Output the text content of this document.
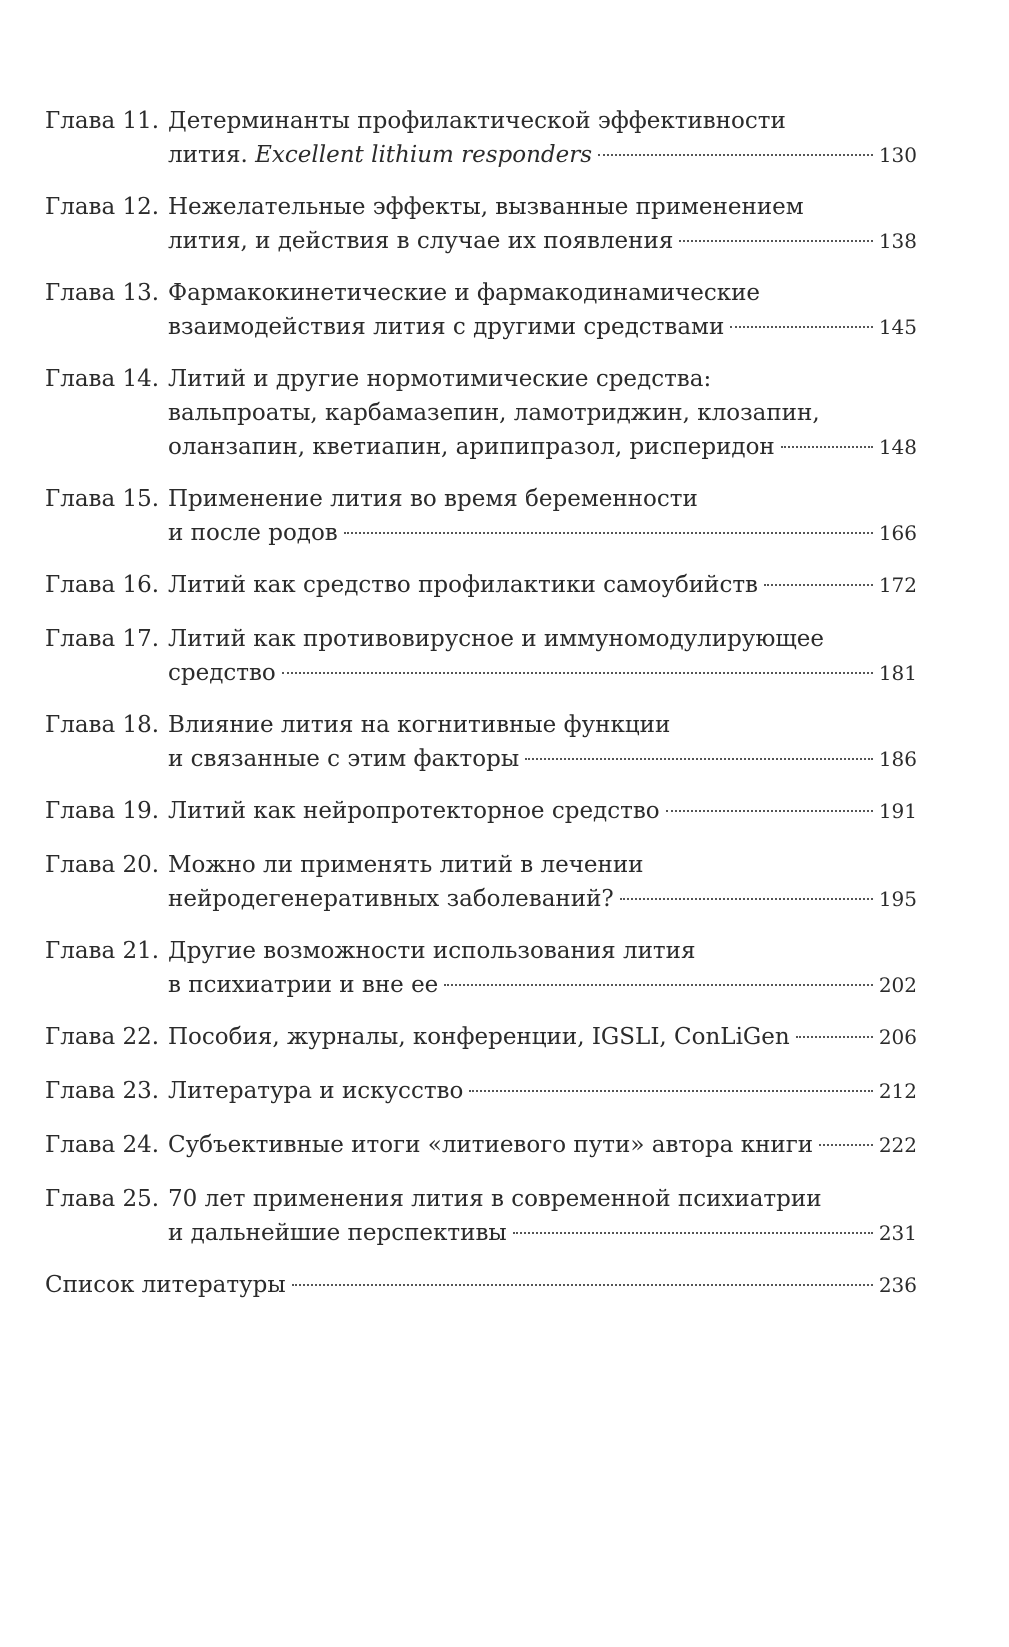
Глава 11. Детерминанты профилактической эффективности
лития. Excellent lithium responders	130
Глава 12. Нежелательные эффекты, вызванные применением
лития, и действия в случае их появления	138
Глава 13. Фармакокинетические и фармакодинамические
взаимодействия лития с другими средствами	145
Глава 14. Литий и другие нормотимические средства:
вальпроаты, карбамазепин, ламотриджин, клозапин,
оланзапин, кветиапин, арипипразол, рисперидон	148
Глава 15. Применение лития во время беременности
и после родов	166
Глава 16. Литий как средство профилактики самоубийств	172
Глава 17. Литий как противовирусное и иммуномодулирующее
средство	181
Глава 18. Влияние лития на когнитивные функции
и связанные с этим факторы	186
Глава 19. Литий как нейропротекторное средство	191
Глава 20. Можно ли применять литий в лечении
нейродегенеративных заболеваний?	195
Глава 21. Другие возможности использования лития
в психиатрии и вне ее	202
Глава 22. Пособия, журналы, конференции, IGSLI, ConLiGen	206
Глава 23. Литература и искусство	212
Глава 24. Субъективные итоги «литиевого пути» автора книги	222
Глава 25. 70 лет применения лития в современной психиатрии
и дальнейшие перспективы	231
Список литературы	236
